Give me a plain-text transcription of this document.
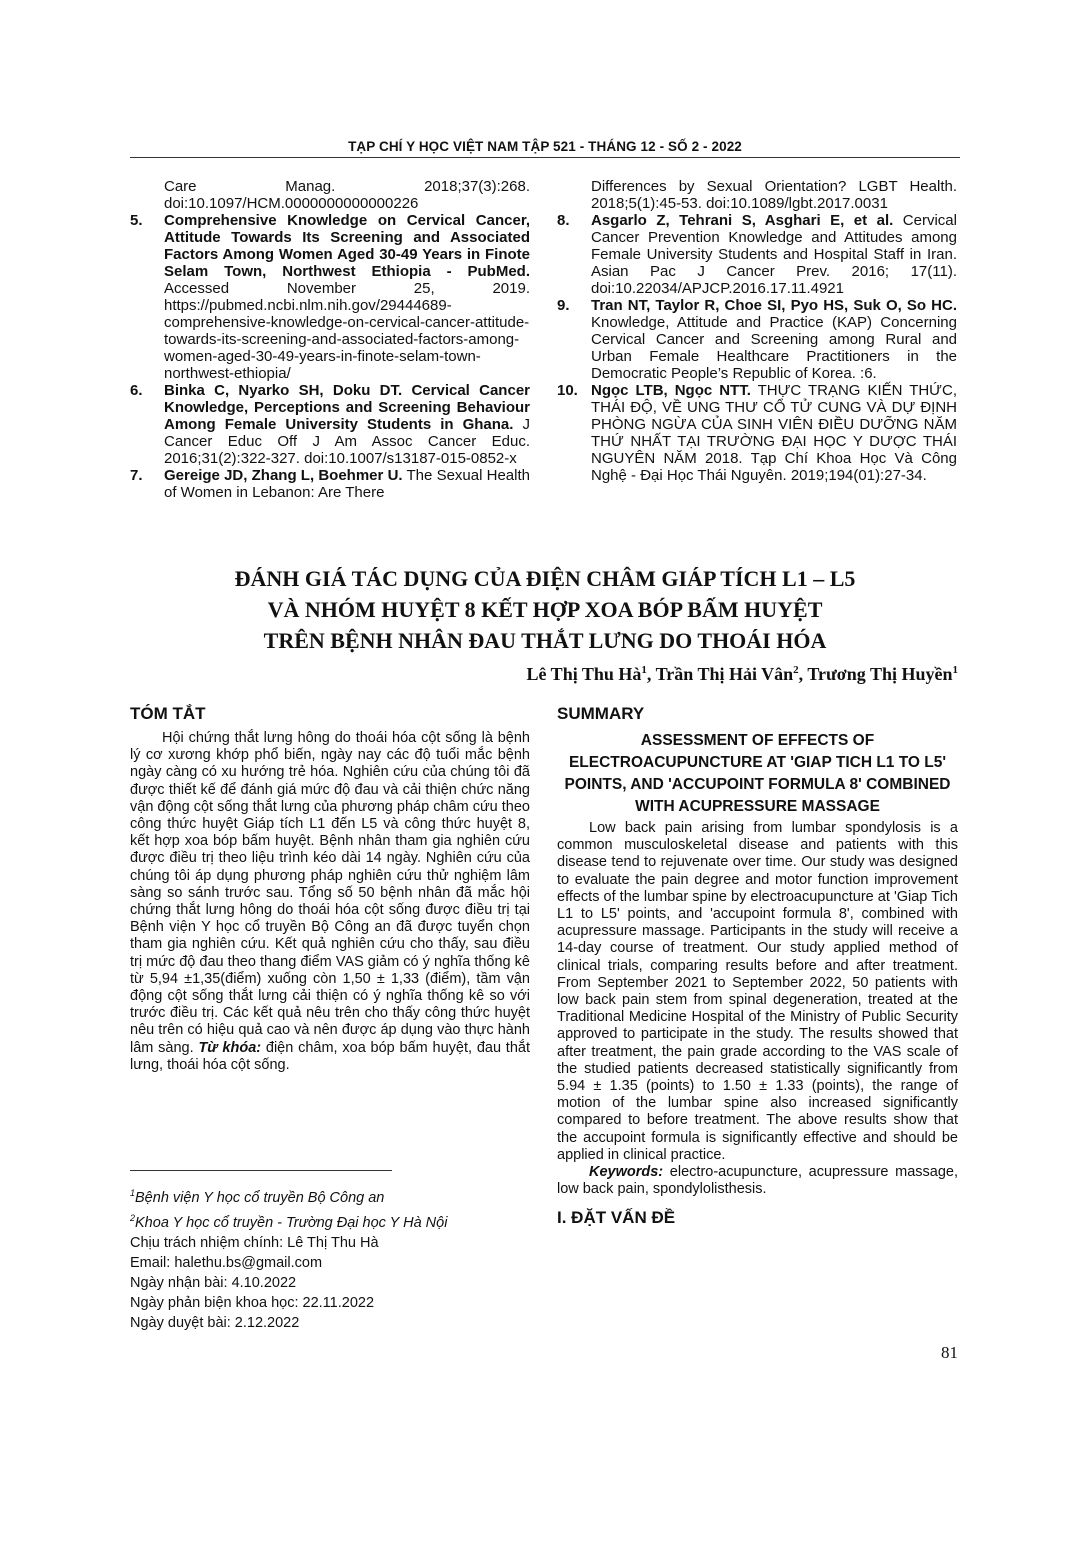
TẠP CHÍ Y HỌC VIỆT NAM TẬP 521 - THÁNG 12 - SỐ 2 - 2022
Care Manag. 2018;37(3):268. doi:10.1097/HCM.0000000000000226
5.	Comprehensive Knowledge on Cervical Cancer, Attitude Towards Its Screening and Associated Factors Among Women Aged 30-49 Years in Finote Selam Town, Northwest Ethiopia - PubMed. Accessed November 25, 2019. https://pubmed.ncbi.nlm.nih.gov/29444689-comprehensive-knowledge-on-cervical-cancer-attitude-towards-its-screening-and-associated-factors-among-women-aged-30-49-years-in-finote-selam-town-northwest-ethiopia/
6.	Binka C, Nyarko SH, Doku DT. Cervical Cancer Knowledge, Perceptions and Screening Behaviour Among Female University Students in Ghana. J Cancer Educ Off J Am Assoc Cancer Educ. 2016;31(2):322-327. doi:10.1007/s13187-015-0852-x
7.	Gereige JD, Zhang L, Boehmer U. The Sexual Health of Women in Lebanon: Are There
Differences by Sexual Orientation? LGBT Health. 2018;5(1):45-53. doi:10.1089/lgbt.2017.0031
8.	Asgarlo Z, Tehrani S, Asghari E, et al. Cervical Cancer Prevention Knowledge and Attitudes among Female University Students and Hospital Staff in Iran. Asian Pac J Cancer Prev. 2016; 17(11). doi:10.22034/APJCP.2016.17.11.4921
9.	Tran NT, Taylor R, Choe SI, Pyo HS, Suk O, So HC. Knowledge, Attitude and Practice (KAP) Concerning Cervical Cancer and Screening among Rural and Urban Female Healthcare Practitioners in the Democratic People’s Republic of Korea. :6.
10. Ngọc LTB, Ngọc NTT. THỰC TRẠNG KIẾN THỨC, THÁI ĐỘ, VỀ UNG THƯ CỔ TỬ CUNG VÀ DỰ ĐỊNH PHÒNG NGỪA CỦA SINH VIÊN ĐIỀU DƯỠNG NĂM THỨ NHẤT TẠI TRƯỜNG ĐẠI HỌC Y DƯỢC THÁI NGUYÊN NĂM 2018. Tạp Chí Khoa Học Và Công Nghệ - Đại Học Thái Nguyên. 2019;194(01):27-34.
ĐÁNH GIÁ TÁC DỤNG CỦA ĐIỆN CHÂM GIÁP TÍCH L1 – L5
VÀ NHÓM HUYỆT 8 KẾT HỢP XOA BÓP BẤM HUYỆT
TRÊN BỆNH NHÂN ĐAU THẮT LƯNG DO THOÁI HÓA
Lê Thị Thu $Hà^1$, Trần Thị Hải Vân$^2$, Trương Thị Huyền$^1$
TÓM TẮT

Hội chứng thắt lưng hông do thoái hóa cột sống là bệnh lý cơ xương khớp phổ biến, ngày nay các độ tuổi mắc bệnh ngày càng có xu hướng trẻ hóa. Nghiên cứu của chúng tôi đã được thiết kế để đánh giá mức độ đau và cải thiện chức năng vận động cột sống thắt lưng của phương pháp châm cứu theo công thức huyệt Giáp tích L1 đến L5 và công thức huyệt 8, kết hợp xoa bóp bấm huyệt. Bệnh nhân tham gia nghiên cứu được điều trị theo liệu trình kéo dài 14 ngày. Nghiên cứu của chúng tôi áp dụng phương pháp nghiên cứu thử nghiệm lâm sàng so sánh trước sau. Tổng số 50 bệnh nhân đã mắc hội chứng thắt lưng hông do thoái hóa cột sống được điều trị tại Bệnh viện Y học cổ truyền Bộ Công an đã được tuyển chọn tham gia nghiên cứu. Kết quả nghiên cứu cho thấy, sau điều trị mức độ đau theo thang điểm VAS giảm có ý nghĩa thống kê từ 5,94 ±1,35(điểm) xuống còn 1,50 ± 1,33 (điểm), tầm vận động cột sống thắt lưng cải thiện có ý nghĩa thống kê so với trước điều trị. Các kết quả nêu trên cho thấy công thức huyệt nêu trên có hiệu quả cao và nên được áp dụng vào thực hành lâm sàng. Từ khóa: điện châm, xoa bóp bấm huyệt, đau thắt lưng, thoái hóa cột sống.

$^1$Bệnh viện Y học cổ truyền Bộ Công an
$^2$Khoa Y học cổ truyền - Trường Đại học Y Hà Nội
Chịu trách nhiệm chính: Lê Thị Thu Hà
Email: halethu.bs@gmail.com
Ngày nhận bài: 4.10.2022
Ngày phản biện khoa học: 22.11.2022
Ngày duyệt bài: 2.12.2022
SUMMARY
ASSESSMENT OF EFFECTS OF ELECTROACUPUNCTURE AT 'GIAP TICH L1 TO L5' POINTS, AND 'ACCUPOINT FORMULA 8' COMBINED WITH ACUPRESSURE MASSAGE

Low back pain arising from lumbar spondylosis is a common musculoskeletal disease and patients with this disease tend to rejuvenate over time. Our study was designed to evaluate the pain degree and motor function improvement effects of the lumbar spine by electroacupuncture at 'Giap Tich L1 to L5' points, and 'accupoint formula 8', combined with acupressure massage. Participants in the study will receive a 14-day course of treatment. Our study applied method of clinical trials, comparing results before and after treatment. From September 2021 to September 2022, 50 patients with low back pain stem from spinal degeneration, treated at the Traditional Medicine Hospital of the Ministry of Public Security approved to participate in the study. The results showed that after treatment, the pain grade according to the VAS scale of the studied patients decreased statistically significantly from 5.94 ± 1.35 (points) to 1.50 ± 1.33 (points), the range of motion of the lumbar spine also increased significantly compared to before treatment. The above results show that the accupoint formula is significantly effective and should be applied in clinical practice.

Keywords: electro-acupuncture, acupressure massage, low back pain, spondylolisthesis.

I. ĐẶT VẤN ĐỀ
81
